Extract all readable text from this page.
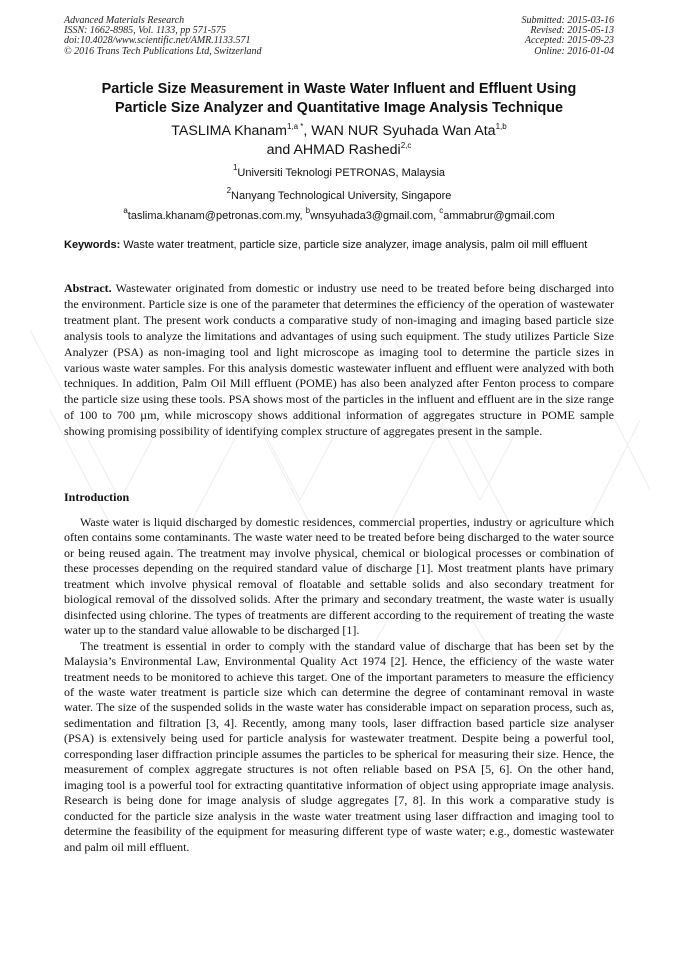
Advanced Materials Research
ISSN: 1662-8985, Vol. 1133, pp 571-575
doi:10.4028/www.scientific.net/AMR.1133.571
© 2016 Trans Tech Publications Ltd, Switzerland
Submitted: 2015-03-16
Revised: 2015-05-13
Accepted: 2015-09-23
Online: 2016-01-04
Particle Size Measurement in Waste Water Influent and Effluent Using
Particle Size Analyzer and Quantitative Image Analysis Technique
TASLIMA Khanam$^{1,a *}$, WAN NUR Syuhada Wan Ata$^{1,b}$
and AHMAD Rashedi$^{2,c}$
$^1$Universiti Teknologi PETRONAS, Malaysia
$^2$Nanyang Technological University, Singapore
$^a$taslima.khanam@petronas.com.my, $^b$wnsyuhada3@gmail.com, $^c$ammabrur@gmail.com
Keywords: Waste water treatment, particle size, particle size analyzer, image analysis, palm oil mill effluent
Abstract. Wastewater originated from domestic or industry use need to be treated before being discharged into the environment. Particle size is one of the parameter that determines the efficiency of the operation of wastewater treatment plant. The present work conducts a comparative study of non-imaging and imaging based particle size analysis tools to analyze the limitations and advantages of using such equipment. The study utilizes Particle Size Analyzer (PSA) as non-imaging tool and light microscope as imaging tool to determine the particle sizes in various waste water samples. For this analysis domestic wastewater influent and effluent were analyzed with both techniques. In addition, Palm Oil Mill effluent (POME) has also been analyzed after Fenton process to compare the particle size using these tools. PSA shows most of the particles in the influent and effluent are in the size range of 100 to 700 µm, while microscopy shows additional information of aggregates structure in POME sample showing promising possibility of identifying complex structure of aggregates present in the sample.
Introduction

Waste water is liquid discharged by domestic residences, commercial properties, industry or agriculture which often contains some contaminants. The waste water need to be treated before being discharged to the water source or being reused again. The treatment may involve physical, chemical or biological processes or combination of these processes depending on the required standard value of discharge [1]. Most treatment plants have primary treatment which involve physical removal of floatable and settable solids and also secondary treatment for biological removal of the dissolved solids. After the primary and secondary treatment, the waste water is usually disinfected using chlorine. The types of treatments are different according to the requirement of treating the waste water up to the standard value allowable to be discharged [1].

The treatment is essential in order to comply with the standard value of discharge that has been set by the Malaysia’s Environmental Law, Environmental Quality Act 1974 [2]. Hence, the efficiency of the waste water treatment needs to be monitored to achieve this target. One of the important parameters to measure the efficiency of the waste water treatment is particle size which can determine the degree of contaminant removal in waste water. The size of the suspended solids in the waste water has considerable impact on separation process, such as, sedimentation and filtration [3, 4]. Recently, among many tools, laser diffraction based particle size analyser (PSA) is extensively being used for particle analysis for wastewater treatment. Despite being a powerful tool, corresponding laser diffraction principle assumes the particles to be spherical for measuring their size. Hence, the measurement of complex aggregate structures is not often reliable based on PSA [5, 6]. On the other hand, imaging tool is a powerful tool for extracting quantitative information of object using appropriate image analysis. Research is being done for image analysis of sludge aggregates [7, 8]. In this work a comparative study is conducted for the particle size analysis in the waste water treatment using laser diffraction and imaging tool to determine the feasibility of the equipment for measuring different type of waste water; e.g., domestic wastewater and palm oil mill effluent.
